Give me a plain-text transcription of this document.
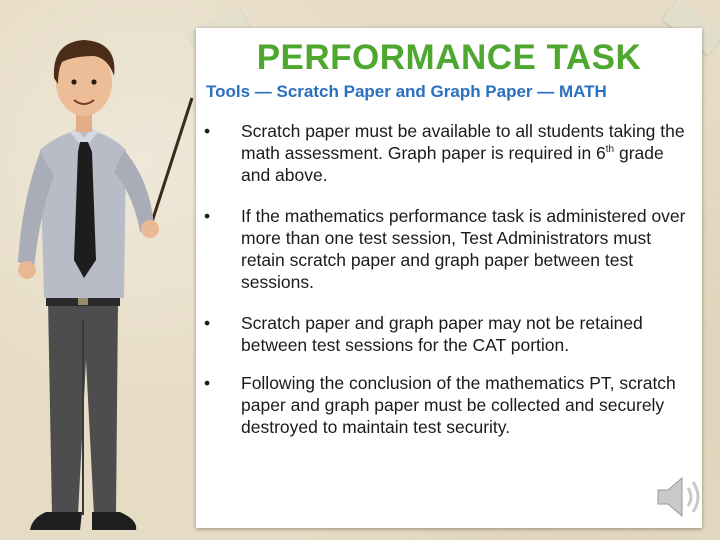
PERFORMANCE TASK

Tools — Scratch Paper and Graph Paper — MATH

• Scratch paper must be available to all students taking the math assessment. Graph paper is required in 6th grade and above.
• If the mathematics performance task is administered over more than one test session, Test Administrators must retain scratch paper and graph paper between test sessions.
• Scratch paper and graph paper may not be retained between test sessions for the CAT portion.
• Following the conclusion of the mathematics PT, scratch paper and graph paper must be collected and securely destroyed to maintain test security.
